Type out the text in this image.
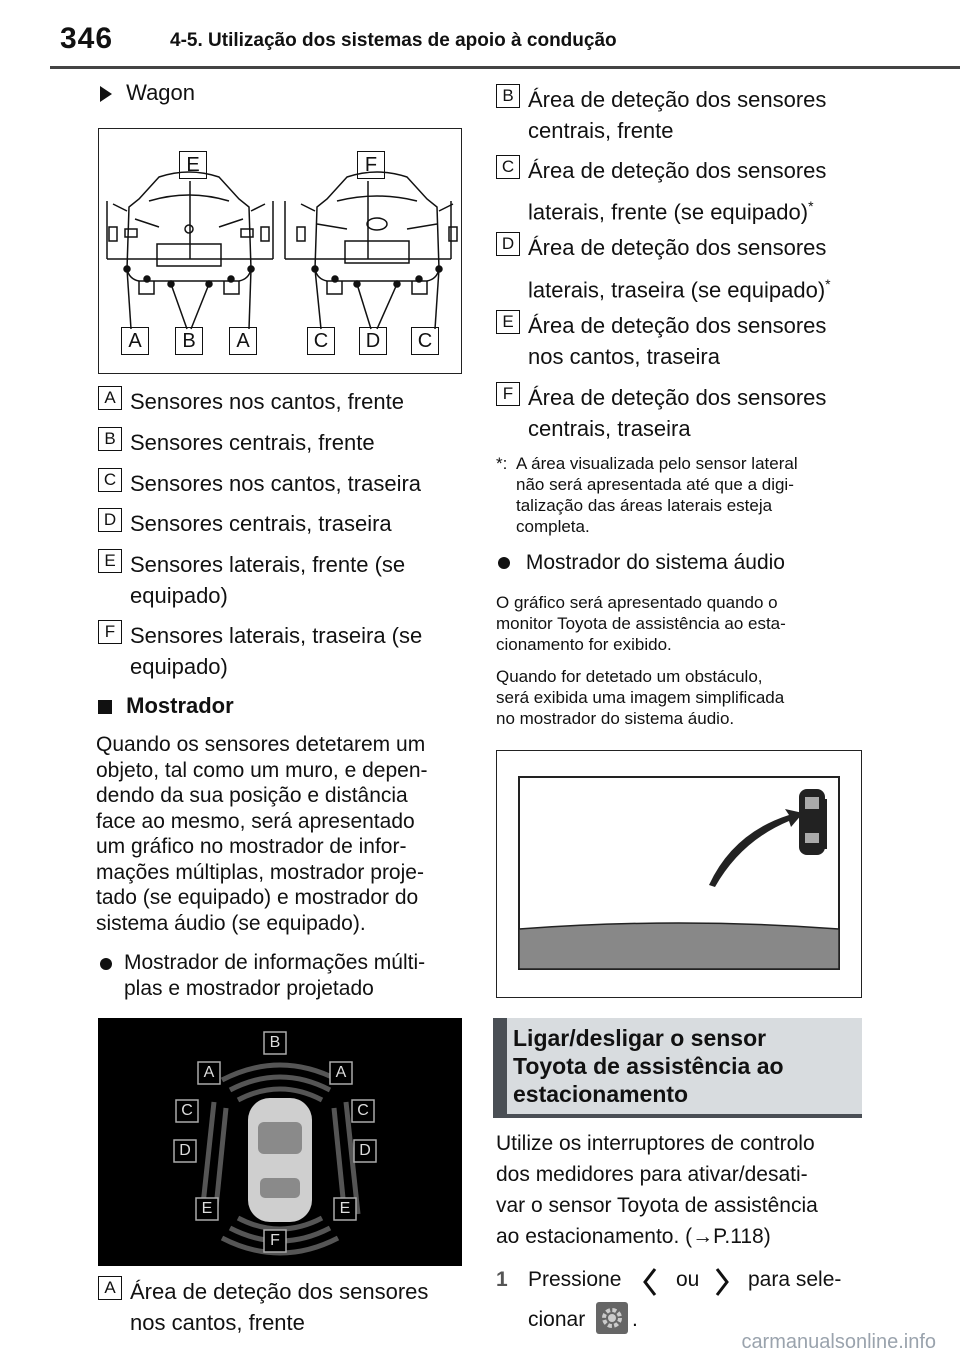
346	4-5. Utilização dos sistemas de apoio à condução
Wagon
E	F
A	B	A	C	D	C
A Sensores nos cantos, frente
B Sensores centrais, frente
C Sensores nos cantos, traseira
D Sensores centrais, traseira
E Sensores laterais, frente (se
equipado)
F Sensores laterais, traseira (se
equipado)
Mostrador
Quando os sensores detetarem um
objeto, tal como um muro, e depen-
dendo da sua posição e distância
face ao mesmo, será apresentado
um gráfico no mostrador de infor-
mações múltiplas, mostrador proje-
tado (se equipado) e mostrador do
sistema áudio (se equipado).
Mostrador de informações múlti-
plas e mostrador projetado
B
A	A
C	C
D	D
E	E
F
A Área de deteção dos sensores
nos cantos, frente
B Área de deteção dos sensores
centrais, frente
C Área de deteção dos sensores
laterais, frente (se equipado)*
D Área de deteção dos sensores
laterais, traseira (se equipado)*
E Área de deteção dos sensores
nos cantos, traseira
F Área de deteção dos sensores
centrais, traseira
*: A área visualizada pelo sensor lateral
não será apresentada até que a digi-
talização das áreas laterais esteja
completa.
Mostrador do sistema áudio
O gráfico será apresentado quando o
monitor Toyota de assistência ao esta-
cionamento for exibido.
Quando for detetado um obstáculo,
será exibida uma imagem simplificada
no mostrador do sistema áudio.
Ligar/desligar o sensor
Toyota de assistência ao
estacionamento
Utilize os interruptores de controlo
dos medidores para ativar/desati-
var o sensor Toyota de assistência
ao estacionamento. (→P.118)
1 Pressione	ou para sele-
cionar .
carmanualsonline.info
